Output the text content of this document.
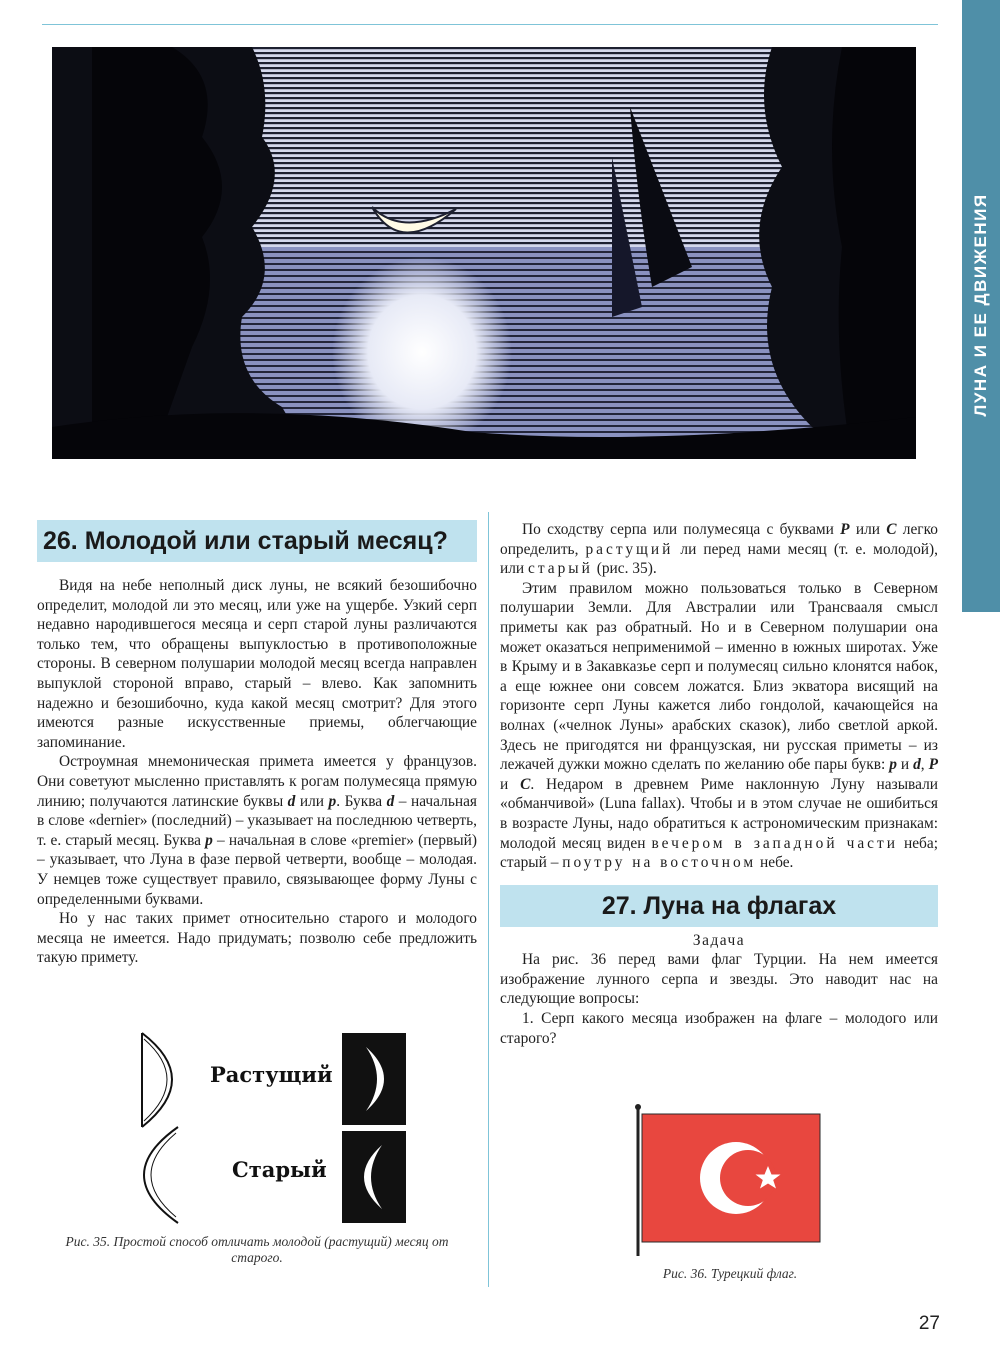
ЛУНА И ЕЕ ДВИЖЕНИЯ
26. Молодой или старый месяц?

Видя на небе неполный диск луны, не всякий безошибочно определит, молодой ли это месяц, или уже на ущербе. Узкий серп недавно народившегося месяца и серп старой луны различаются только тем, что обращены выпуклостью в противоположные стороны. В северном полушарии молодой месяц всегда направлен выпуклой стороной вправо, старый – влево. Как запомнить надежно и безошибочно, куда какой месяц смотрит? Для этого имеются разные искусственные приемы, облегчающие запоминание.

Остроумная мнемоническая примета имеется у французов. Они советуют мысленно приставлять к рогам полумесяца прямую линию; получаются латинские буквы d или p. Буква d – начальная в слове «dernier» (последний) – указывает на последнюю четверть, т. е. старый месяц. Буква p – начальная в слове «premier» (первый) – указывает, что Луна в фазе первой четверти, вообще – молодая. У немцев тоже существует правило, связывающее форму Луны с определенными буквами.

Но у нас таких примет относительно старого и молодого месяца не имеется. Надо придумать; позволю себе предложить такую примету.

Растущий
Старый
Рис. 35. Простой способ отличать молодой (растущий) месяц от старого.

По сходству серпа или полумесяца с буквами Р или С легко определить, растущий ли перед нами месяц (т. е. молодой), или старый (рис. 35).

Этим правилом можно пользоваться только в Северном полушарии Земли. Для Австралии или Трансвааля смысл приметы как раз обратный. Но и в Северном полушарии она может оказаться неприменимой – именно в южных широтах. Уже в Крыму и в Закавказье серп и полумесяц сильно клонятся набок, а еще южнее они совсем ложатся. Близ экватора висящий на горизонте серп Луны кажется либо гондолой, качающейся на волнах («челнок Луны» арабских сказок), либо светлой аркой. Здесь не пригодятся ни французская, ни русская приметы – из лежачей дужки можно сделать по желанию обе пары букв: p и d, Р и С. Недаром в древнем Риме наклонную Луну называли «обманчивой» (Luna fallax). Чтобы и в этом случае не ошибиться в возрасте Луны, надо обратиться к астрономическим признакам: молодой месяц виден вечером в западной части неба; старый – поутру на восточном небе.

27. Луна на флагах

Задача

На рис. 36 перед вами флаг Турции. На нем имеется изображение лунного серпа и звезды. Это наводит нас на следующие вопросы:

1. Серп какого месяца изображен на флаге – молодого или старого?

Рис. 36. Турецкий флаг.
27
